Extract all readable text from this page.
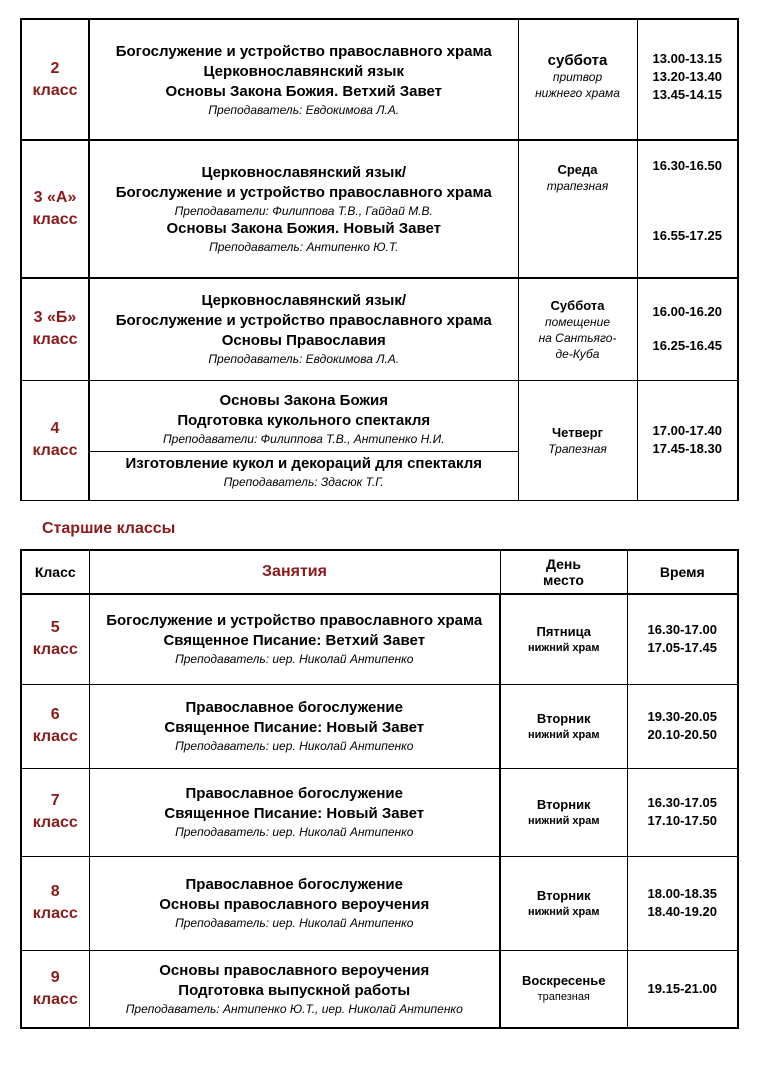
2
класс	Богослужение и устройство православного храма
Церковнославянский язык
Основы Закона Божия. Ветхий Завет
Преподаватель: Евдокимова Л.А.	суббота
притвор
нижнего храма	13.00-13.15
13.20-13.40
13.45-14.15

3 «А»
класс	Церковнославянский язык/
Богослужение и устройство православного храма
Преподаватели: Филиппова Т.В., Гайдай М.В.
Основы Закона Божия. Новый Завет
Преподаватель: Антипенко Ю.Т.	Среда
трапезная	16.30-16.50
16.55-17.25

3 «Б»
класс	Церковнославянский язык/
Богослужение и устройство православного храма
Основы Православия
Преподаватель: Евдокимова Л.А.	Суббота
помещение
на Сантьяго-
де-Куба	16.00-16.20
16.25-16.45

4
класс	Основы Закона Божия
Подготовка кукольного спектакля
Преподаватели: Филиппова Т.В., Антипенко Н.И.
Изготовление кукол и декораций для спектакля
Преподаватель: Здасюк Т.Г.	Четверг
Трапезная	17.00-17.40
17.45-18.30
Старшие классы
Класс	Занятия	День
место	Время

5
класс	Богослужение и устройство православного храма
Священное Писание: Ветхий Завет
Преподаватель: иер. Николай Антипенко	Пятница
нижний храм	16.30-17.00
17.05-17.45

6
класс	Православное богослужение
Священное Писание: Новый Завет
Преподаватель: иер. Николай Антипенко	Вторник
нижний храм	19.30-20.05
20.10-20.50

7
класс	Православное богослужение
Священное Писание: Новый Завет
Преподаватель: иер. Николай Антипенко	Вторник
нижний храм	16.30-17.05
17.10-17.50

8
класс	Православное богослужение
Основы православного вероучения
Преподаватель: иер. Николай Антипенко	Вторник
нижний храм	18.00-18.35
18.40-19.20

9
класс	Основы православного вероучения
Подготовка выпускной работы
Преподаватель: Антипенко Ю.Т., иер. Николай Антипенко	Воскресенье
трапезная	19.15-21.00
